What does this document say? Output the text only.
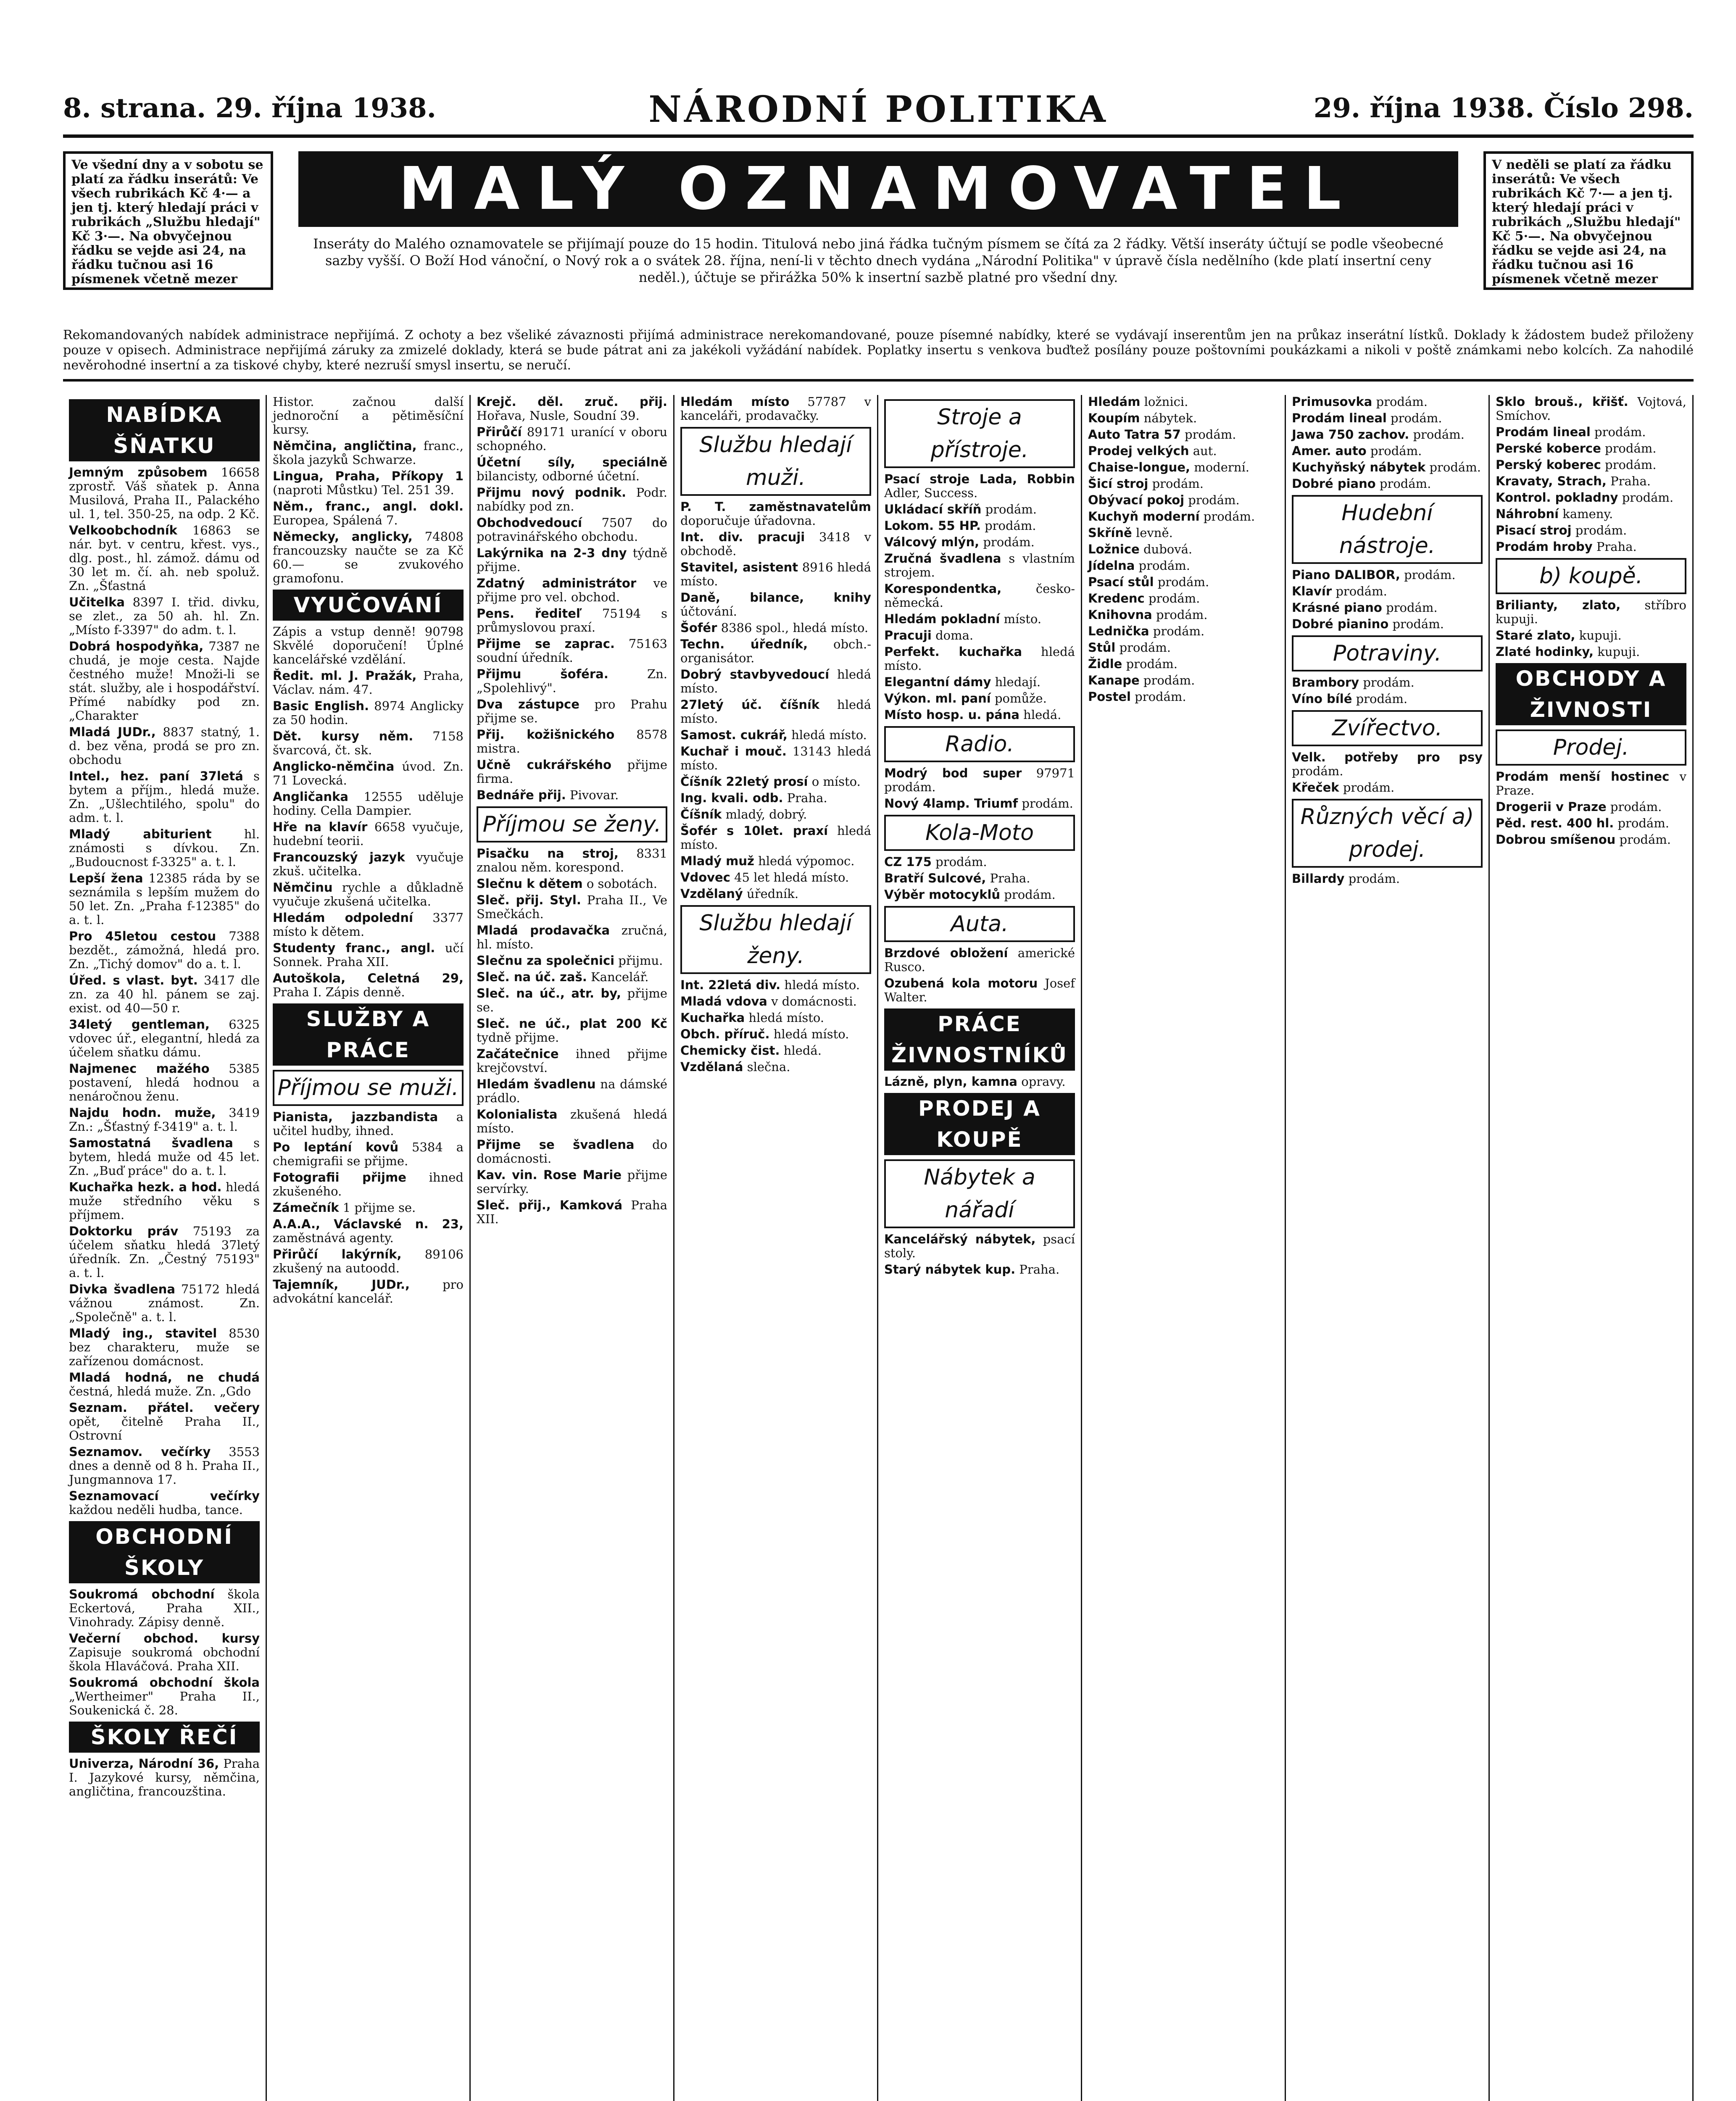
8. strana. 29. října 1938.	NÁRODNÍ POLITIKA	29. října 1938. Číslo 298.
Ve všední dny a v sobotu se platí za řádku inserátů: Ve všech rubrikách Kč 4·— a jen tj. který hledají práci v rubrikách „Službu hledají" Kč 3·—. Na obvyčejnou řádku se vejde asi 24, na řádku tučnou asi 16 písmenek včetně mezer
MALÝ OZNAMOVATEL
Inseráty do Malého oznamovatele se přijímají pouze do 15 hodin. Titulová nebo jiná řádka tučným písmem se čítá za 2 řádky. Větší inseráty účtují se podle všeobecné sazby vyšší. O Boží Hod vánoční, o Nový rok a o svátek 28. října, není-li v těchto dnech vydána „Národní Politika" v úpravě čísla nedělního (kde platí insertní ceny neděl.), účtuje se přirážka 50% k insertní sazbě platné pro všední dny.
V neděli se platí za řádku inserátů: Ve všech rubrikách Kč 7·— a jen tj. který hledají práci v rubrikách „Službu hledají" Kč 5·—. Na obvyčejnou řádku se vejde asi 24, na řádku tučnou asi 16 písmenek včetně mezer
Rekomandovaných nabídek administrace nepřijímá. Z ochoty a bez všeliké závaznosti přijímá administrace nerekomandované, pouze písemné nabídky, které se vydávají inserentům jen na průkaz inserátní lístků. Doklady k žádostem budež přiloženy pouze v opisech. Administrace nepřijímá záruky za zmizelé doklady, která se bude pátrat ani za jakékoli vyžádání nabídek. Poplatky insertu s venkova buďtež posílány pouze poštovními poukázkami a nikoli v poště známkami nebo kolcích. Za nahodilé nevěrohodné insertní a za tiskové chyby, které nezruší smysl insertu, se neručí.
NABÍDKA ŠŇATKU
Jemným způsobem 16658 zprostř. Váš sňatek p. Anna Musilová, Praha II., Palackého ul. 1, tel. 350-25, na odp. 2 Kč.
Velkoobchodník 16863 se nár. byt. v centru, křest. vys., dlg. post., hl. zámož. dámu od 30 let m. čí. ah. neb spoluž. Zn. „Šťastná
Učitelka 8397 I. třid. divku, se zlet., za 50 ah. hl. Zn. „Místo f-3397" do adm. t. l.
Dobrá hospodyňka, 7387 ne chudá, je moje cesta. Najde čestného muže! Množi-li se stát. služby, ale i hospodářství. Přímé nabídky pod zn. „Charakter
Mladá JUDr., 8837 statný, 1. d. bez věna, prodá se pro zn. obchodu
Intel., hez. paní 37letá s bytem a příjm., hledá muže. Zn. „Ušlechtilého, spolu" do adm. t. l.
Mladý abiturient	hl. známosti s dívkou. Zn. „Budoucnost f-3325" a. t. l.
Lepší žena 12385 ráda by se seznámila s lepším mužem do 50 let. Zn. „Praha f-12385" do a. t. l.
Pro 45letou cestou 7388 bezdět., zámožná, hledá pro. Zn. „Tichý domov" do a. t. l.
Úřed. s vlast. byt. 3417 dle zn. za 40 hl. pánem se zaj. exist. od 40—50 r.
34letý gentleman, 6325 vdovec úř., elegantní, hledá za účelem sňatku dámu.
Najmenec mažého 5385 postavení, hledá hodnou a nenáročnou ženu.
Najdu hodn. muže, 3419 Zn.: „Šťastný f-3419" a. t. l.
Samostatná švadlena s bytem, hledá muže od 45 let. Zn. „Buď práce" do a. t. l.
Kuchařka hezk. a hod. hledá muže středního věku s příjmem.
Doktorku práv 75193 za účelem sňatku hledá 37letý úředník. Zn. „Čestný 75193" a. t. l.
Divka švadlena 75172 hledá vážnou známost. Zn. „Společně" a. t. l.
Mladý ing., stavitel 8530 bez charakteru, muže se zařízenou domácnost.
Mladá hodná, ne chudá čestná, hledá muže. Zn. „Gdo
Seznam. přátel. večery opět, čitelně Praha II., Ostrovní
Seznamov. večírky 3553 dnes a denně od 8 h. Praha II., Jungmannova 17.
Seznamovací večírky každou neděli hudba, tance.
OBCHODNÍ ŠKOLY
Soukromá obchodní škola Eckertová, Praha XII., Vinohrady. Zápisy denně.
Večerní obchod. kursy Zapisuje soukromá obchodní škola Hlaváčová. Praha XII.
Soukromá obchodní škola „Wertheimer" Praha II., Soukenická č. 28.
ŠKOLY ŘEČÍ
Univerza, Národní 36, Praha I. Jazykové kursy, němčina, angličtina, francouzština.
Histor. začnou další jednoroční a pětiměsíční kursy.
Němčina, angličtina, franc., škola jazyků Schwarze.
Lingua, Praha, Příkopy 1 (naproti Můstku) Tel. 251 39.
Něm., franc., angl. dokl. Europea, Spálená 7.
Německy, anglicky, 74808 francouzsky naučte se za Kč 60.— se zvukového gramofonu.
VYUČOVÁNÍ
Zápis a vstup denně! 90798 Skvělé doporučení! Úplné kancelářské vzdělání.
Ředit. ml. J. Pražák, Praha, Václav. nám. 47.
Basic English. 8974 Anglicky za 50 hodin.
Dět. kursy něm. 7158 švarcová, čt. sk.
Anglicko-němčina úvod. Zn. 71 Lovecká.
Angličanka 12555 uděluje hodiny. Cella Dampier.
Hře na klavír 6658 vyučuje, hudební teorii.
Francouzský jazyk vyučuje zkuš. učitelka.
Němčinu rychle a důkladně vyučuje zkušená učitelka.
Hledám odpolední 3377 místo k dětem.
Studenty franc., angl. učí Sonnek. Praha XII.
Autoškola, Celetná 29, Praha I. Zápis denně.
SLUŽBY A PRÁCE
Příjmou se muži.
Pianista, jazzbandista a učitel hudby, ihned.
Po leptání kovů 5384 a chemigrafii se přijme.
Fotografii přijme ihned zkušeného.
Zámečník 1 přijme se.
A.A.A., Václavské n. 23, zaměstnává agenty.
Přirůčí lakýrník, 89106 zkušený na autoodd.
Tajemník, JUDr.,	pro advokátní kancelář.
Krejč. děl. zruč. přij. Hořava, Nusle, Soudní 39.
Přirůčí 89171 uranící v oboru schopného.
Účetní síly, speciálně bilancisty, odborné účetní.
Přijmu nový podnik. Podr. nabídky pod zn.
Obchodvedoucí 7507 do potravinářského obchodu.
Lakýrnika na 2-3 dny týdně přijme.
Zdatný administrátor ve přijme pro vel. obchod.
Pens. řediteľ 75194 s průmyslovou praxí.
Přijme se zaprac. 75163 soudní úředník.
Přijmu šoféra.	Zn. „Spolehlivý".
Dva zástupce pro Prahu přijme se.
Přij. kožišnického 8578 mistra.
Učně cukrářského přijme firma.
Bednáře přij. Pivovar.
Příjmou se ženy.
Pisačku na stroj, 8331 znalou něm. korespond.
Slečnu k dětem o sobotách.
Sleč. přij. Styl. Praha II., Ve Smečkách.
Mladá prodavačka zručná, hl. místo.
Slečnu za společnici přijmu.
Sleč. na úč. zaš. Kancelář.
Sleč. na úč., atr. by, přijme se.
Sleč. ne úč., plat 200 Kč tydně přijme.
Začátečnice ihned přijme krejčovství.
Hledám švadlenu na dámské prádlo.
Kolonialista zkušená hledá místo.
Přijme se švadlena do domácnosti.
Kav. vin. Rose Marie přijme servírky.
Sleč. přij., Kamková Praha XII.
Hledám místo 57787 v kanceláři, prodavačky.
Službu hledají muži.
P. T. zaměstnavatelům doporučuje úřadovna.
Int. div. pracuji 3418 v obchodě.
Stavitel, asistent 8916 hledá místo.
Daně, bilance, knihy účtování.
Šofér 8386 spol., hledá místo.
Techn. úředník, obch.-organisátor.
Dobrý stavbyvedoucí hledá místo.
27letý úč. číšník hledá místo.
Samost. cukrář, hledá místo.
Kuchař i mouč. 13143 hledá místo.
Číšník 22letý prosí o místo.
Ing. kvali. odb. Praha.
Číšník mladý, dobrý.
Šofér s 10let. praxí hledá místo.
Mladý muž hledá výpomoc.
Vdovec 45 let hledá místo.
Vzdělaný úředník.
Službu hledají ženy.
Int. 22letá div. hledá místo.
Mladá vdova v domácnosti.
Kuchařka hledá místo.
Obch. příruč. hledá místo.
Chemicky čist. hledá.
Vzdělaná slečna.
Stroje a přístroje.
Psací stroje Lada, Robbin Adler, Success.
Ukládací skříň prodám.
Lokom. 55 HP. prodám.
Válcový mlýn, prodám.
Zručná švadlena s vlastním strojem.
Korespondentka,	česko-německá.
Hledám pokladní místo.
Pracuji doma.
Perfekt. kuchařka hledá místo.
Elegantní dámy hledají.
Výkon. ml. paní pomůže.
Místo hosp. u. pána hledá.
Radio.
Modrý bod super 97971 prodám.
Nový 4lamp. Triumf prodám.
Kola-Moto
CZ 175 prodám.
Bratří Sulcové, Praha.
Výběr motocyklů prodám.
Auta.
Brzdové obložení americké Rusco.
Ozubená kola motoru Josef Walter.
PRÁCE ŽIVNOSTNÍKŮ
Lázně, plyn, kamna opravy.
PRODEJ A KOUPĚ
Nábytek a nářadí
Kancelářský nábytek, psací stoly.
Starý nábytek kup. Praha.
Hledám ložnici.
Koupím nábytek.
Auto Tatra 57 prodám.
Prodej velkých aut.
Chaise-longue, moderní.
Šicí stroj prodám.
Obývací pokoj prodám.
Kuchyň moderní prodám.
Skříně levně.
Ložnice dubová.
Jídelna prodám.
Psací stůl prodám.
Kredenc prodám.
Knihovna prodám.
Lednička prodám.
Stůl prodám.
Židle prodám.
Kanape prodám.
Postel prodám.
Primusovka prodám.
Prodám lineal prodám.
Jawa 750 zachov. prodám.
Amer. auto prodám.
Kuchyňský nábytek prodám.
Dobré piano prodám.
Hudební nástroje.
Piano DALIBOR, prodám.
Klavír prodám.
Krásné piano prodám.
Dobré pianino prodám.
Potraviny.
Brambory prodám.
Víno bílé prodám.
Zvířectvo.
Velk. potřeby pro psy prodám.
Křeček prodám.
Různých věcí a) prodej.
Billardy prodám.
Sklo brouš., křišť. Vojtová, Smíchov.
Prodám lineal prodám.
Perské koberce prodám.
Perský koberec prodám.
Kravaty, Strach, Praha.
Kontrol. pokladny prodám.
Náhrobní kameny.
Pisací stroj prodám.
Prodám hroby Praha.
b) koupě.
Brilianty, zlato, stříbro kupuji.
Staré zlato, kupuji.
Zlaté hodinky, kupuji.
OBCHODY A ŽIVNOSTI
Prodej.
Prodám menší hostinec v Praze.
Drogerii v Praze prodám.
Pěd. rest. 400 hl. prodám.
Dobrou smíšenou prodám.
